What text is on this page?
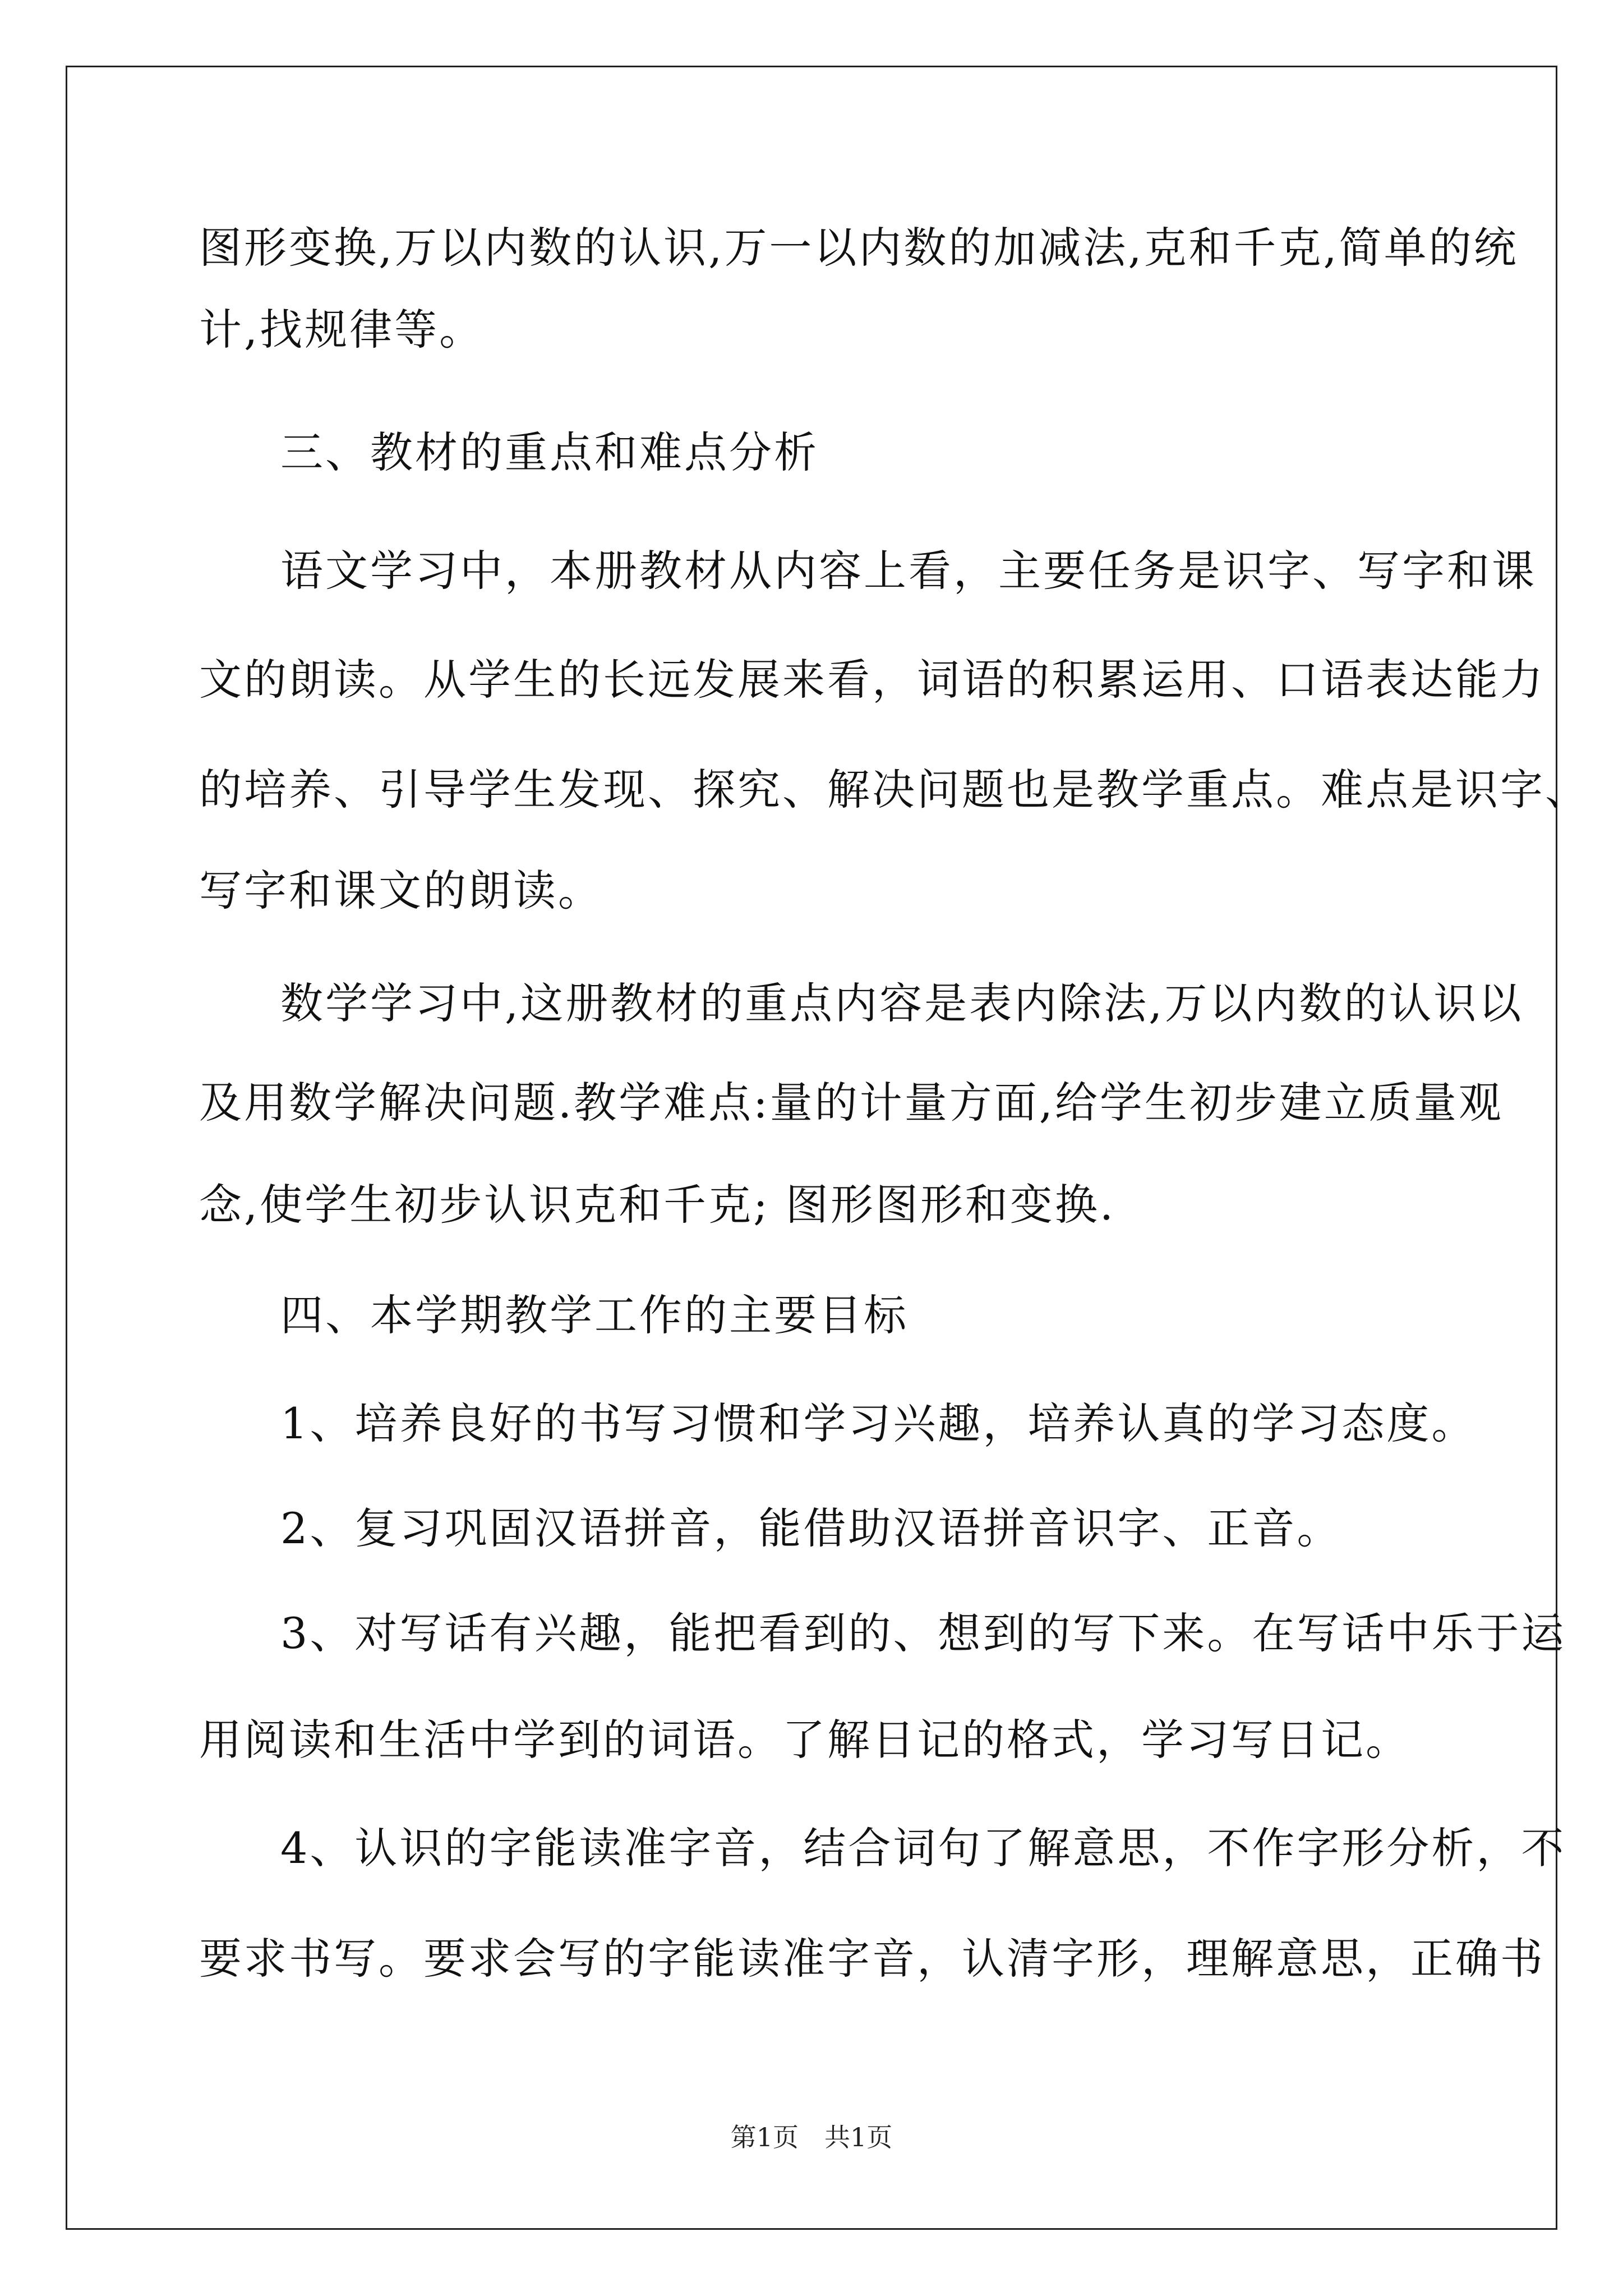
图形变换,万以内数的认识,万一以内数的加减法,克和千克,简单的统
计,找规律等。
三、教材的重点和难点分析
语文学习中，本册教材从内容上看，主要任务是识字、写字和课
文的朗读。从学生的长远发展来看，词语的积累运用、口语表达能力
的培养、引导学生发现、探究、解决问题也是教学重点。难点是识字、
写字和课文的朗读。
数学学习中,这册教材的重点内容是表内除法,万以内数的认识以
及用数学解决问题.教学难点:量的计量方面,给学生初步建立质量观
念,使学生初步认识克和千克; 图形图形和变换.
四、本学期教学工作的主要目标
1、培养良好的书写习惯和学习兴趣，培养认真的学习态度。
2、复习巩固汉语拼音，能借助汉语拼音识字、正音。
3、对写话有兴趣，能把看到的、想到的写下来。在写话中乐于运
用阅读和生活中学到的词语。了解日记的格式，学习写日记。
4、认识的字能读准字音，结合词句了解意思，不作字形分析，不
要求书写。要求会写的字能读准字音，认清字形，理解意思，正确书
第1页　共1页
